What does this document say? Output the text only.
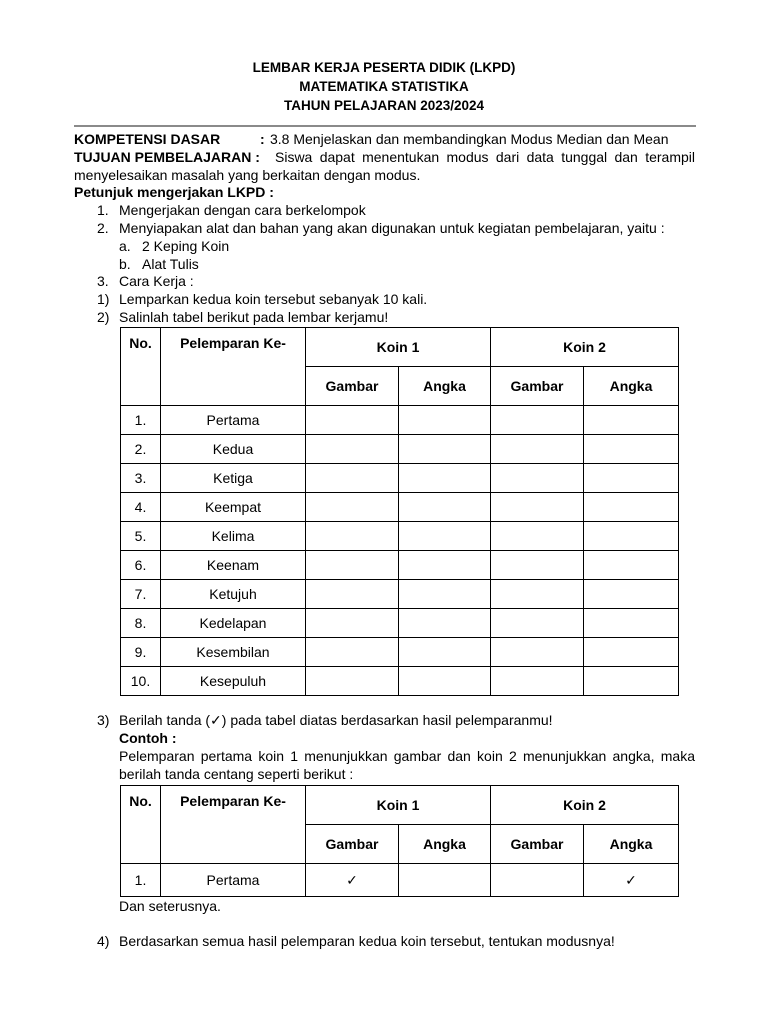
LEMBAR KERJA PESERTA DIDIK (LKPD)
MATEMATIKA STATISTIKA
TAHUN PELAJARAN 2023/2024
KOMPETENSI DASAR	: 3.8 Menjelaskan dan membandingkan Modus Median dan Mean
TUJUAN PEMBELAJARAN : Siswa dapat menentukan modus dari data tunggal dan terampil
menyelesaikan masalah yang berkaitan dengan modus.
Petunjuk mengerjakan LKPD :
1. Mengerjakan dengan cara berkelompok
2. Menyiapakan alat dan bahan yang akan digunakan untuk kegiatan pembelajaran, yaitu :
a. 2 Keping Koin
b. Alat Tulis
3. Cara Kerja :
1) Lemparkan kedua koin tersebut sebanyak 10 kali.
2) Salinlah tabel berikut pada lembar kerjamu!
No.	Pelemparan Ke-	Koin 1		Koin 2	
		Gambar	Angka	Gambar	Angka
1.	Pertama				
2.	Kedua				
3.	Ketiga				
4.	Keempat				
5.	Kelima				
6.	Keenam				
7.	Ketujuh				
8.	Kedelapan				
9.	Kesembilan				
10.	Kesepuluh				
3) Berilah tanda (✓) pada tabel diatas berdasarkan hasil pelemparanmu!
Contoh :
Pelemparan pertama koin 1 menunjukkan gambar dan koin 2 menunjukkan angka, maka
berilah tanda centang seperti berikut :
No.	Pelemparan Ke-	Koin 1		Koin 2	
		Gambar	Angka	Gambar	Angka
1.	Pertama	✓			✓
Dan seterusnya.
4) Berdasarkan semua hasil pelemparan kedua koin tersebut, tentukan modusnya!
